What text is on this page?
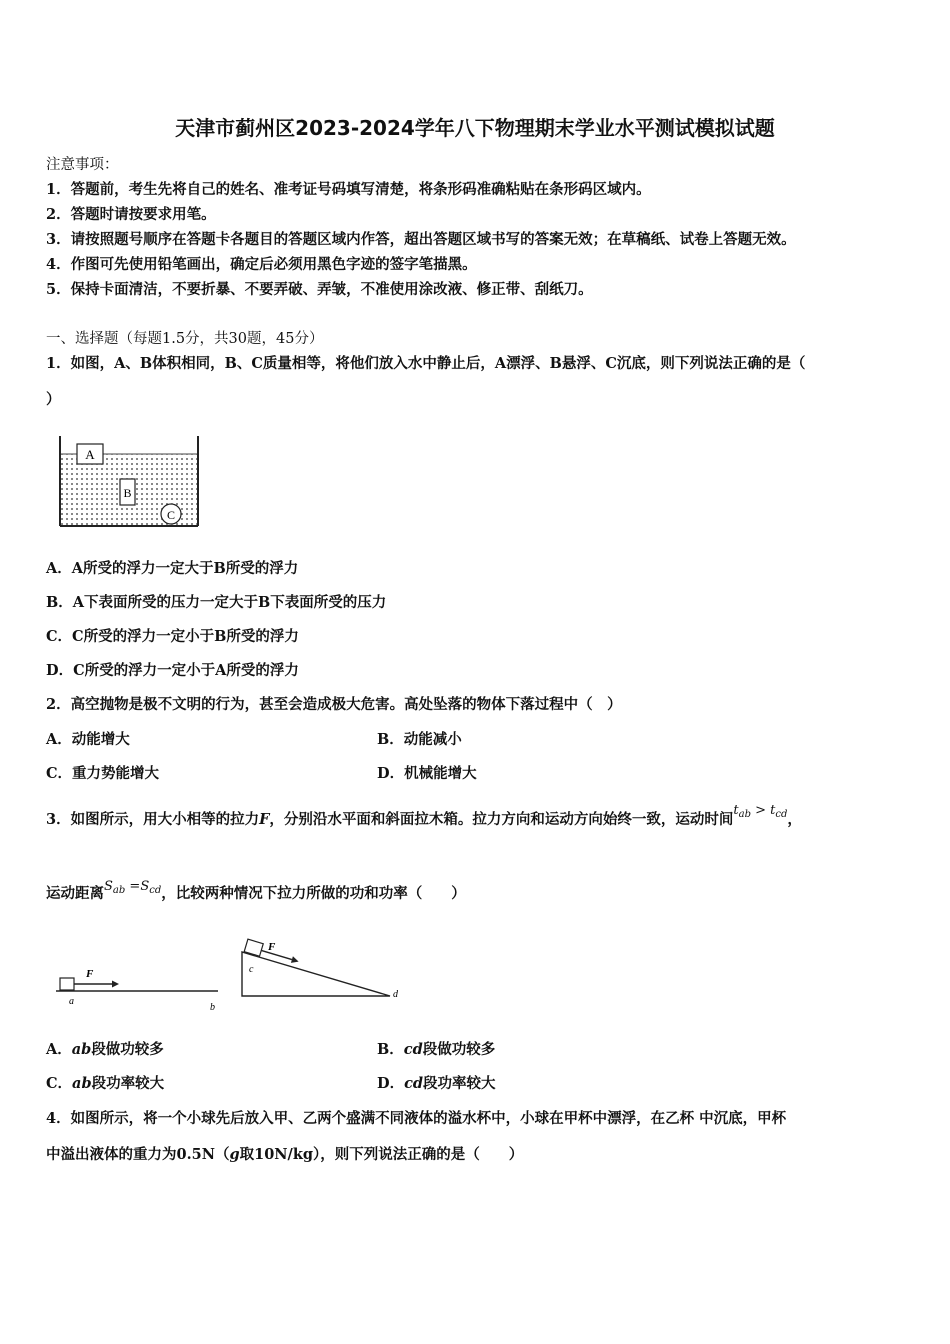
天津市蓟州区2023-2024学年八下物理期末学业水平测试模拟试题
注意事项：
1．答题前，考生先将自己的姓名、准考证号码填写清楚，将条形码准确粘贴在条形码区域内。
2．答题时请按要求用笔。
3．请按照题号顺序在答题卡各题目的答题区域内作答，超出答题区域书写的答案无效；在草稿纸、试卷上答题无效。
4．作图可先使用铅笔画出，确定后必须用黑色字迹的签字笔描黑。
5．保持卡面清洁，不要折暴、不要弄破、弄皱，不准使用涂改液、修正带、刮纸刀。
一、选择题（每题1.5分，共30题，45分）
1．如图，A、B体积相同，B、C质量相等，将他们放入水中静止后，A漂浮、B悬浮、C沉底，则下列说法正确的是（
）
A
B
C
A．A所受的浮力一定大于B所受的浮力
B．A下表面所受的压力一定大于B下表面所受的压力
C．C所受的浮力一定小于B所受的浮力
D．C所受的浮力一定小于A所受的浮力
2．高空抛物是极不文明的行为，甚至会造成极大危害。高处坠落的物体下落过程中（　）
A．动能增大	B．动能减小
C．重力势能增大	D．机械能增大
3．如图所示，用大小相等的拉力F，分别沿水平面和斜面拉木箱。拉力方向和运动方向始终一致，运动时间$t_{ab} > t_{cd}$，
运动距离$S_{ab} =S_{cd}$，比较两种情况下拉力所做的功和功率（　　）
F
a
b
F
c
d
A．ab段做功较多	B．cd段做功较多
C．ab段功率较大	D．cd段功率较大
4．如图所示，将一个小球先后放入甲、乙两个盛满不同液体的溢水杯中，小球在甲杯中漂浮，在乙杯 中沉底，甲杯
中溢出液体的重力为0.5N（g取10N/kg），则下列说法正确的是（　　）
